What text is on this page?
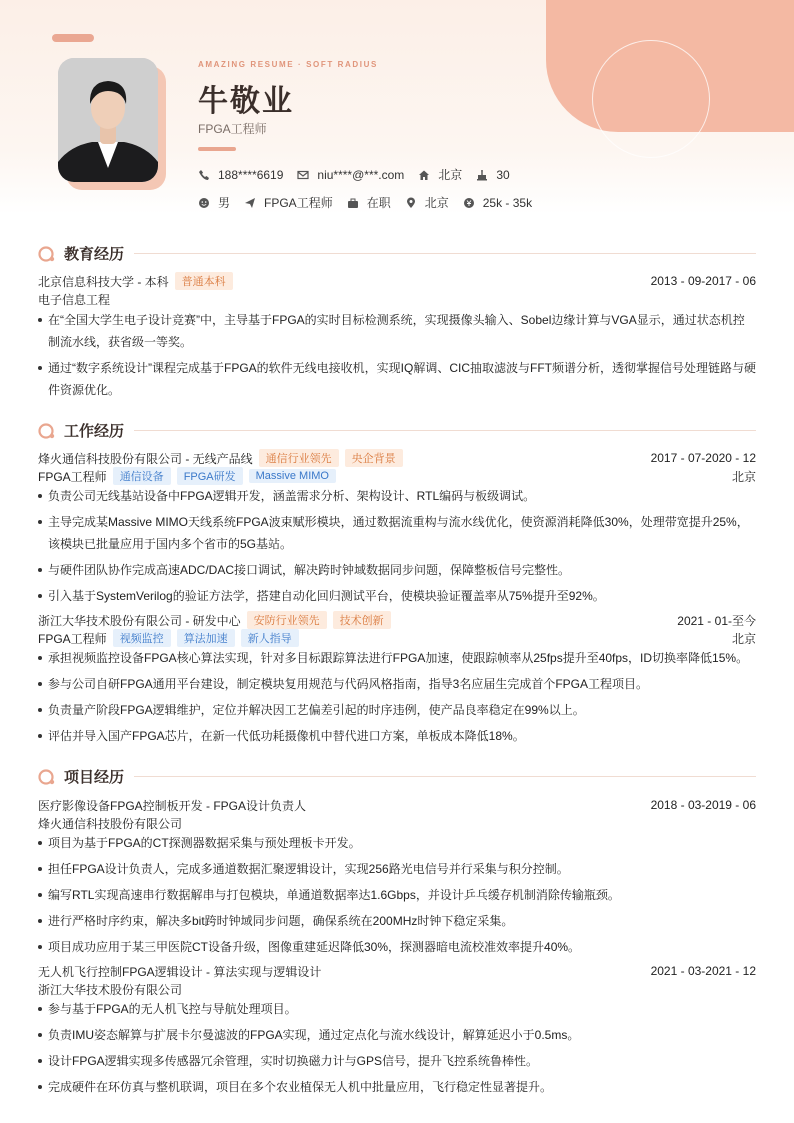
AMAZING RESUME · SOFT RADIUS
牛敬业
FPGA工程师
188****6619	niu****@***.com	北京	30
男	FPGA工程师	在职	北京	25k - 35k
教育经历
北京信息科技大学 - 本科	普通本科	2013 - 09-2017 - 06
电子信息工程
在“全国大学生电子设计竞赛”中，主导基于FPGA的实时目标检测系统，实现摄像头输入、Sobel边缘计算与VGA显示，通过状态机控制流水线，获省级一等奖。
通过“数字系统设计”课程完成基于FPGA的软件无线电接收机，实现IQ解调、CIC抽取滤波与FFT频谱分析，透彻掌握信号处理链路与硬件资源优化。
工作经历
烽火通信科技股份有限公司 - 无线产品线	通信行业领先	央企背景	2017 - 07-2020 - 12
FPGA工程师	通信设备	FPGA研发	Massive MIMO	北京
负责公司无线基站设备中FPGA逻辑开发，涵盖需求分析、架构设计、RTL编码与板级调试。
主导完成某Massive MIMO天线系统FPGA波束赋形模块，通过数据流重构与流水线优化，使资源消耗降低30%，处理带宽提升25%，该模块已批量应用于国内多个省市的5G基站。
与硬件团队协作完成高速ADC/DAC接口调试，解决跨时钟域数据同步问题，保障整板信号完整性。
引入基于SystemVerilog的验证方法学，搭建自动化回归测试平台，使模块验证覆盖率从75%提升至92%。
浙江大华技术股份有限公司 - 研发中心	安防行业领先	技术创新	2021 - 01-至今
FPGA工程师	视频监控	算法加速	新人指导	北京
承担视频监控设备FPGA核心算法实现，针对多目标跟踪算法进行FPGA加速，使跟踪帧率从25fps提升至40fps，ID切换率降低15%。
参与公司自研FPGA通用平台建设，制定模块复用规范与代码风格指南，指导3名应届生完成首个FPGA工程项目。
负责量产阶段FPGA逻辑维护，定位并解决因工艺偏差引起的时序违例，使产品良率稳定在99%以上。
评估并导入国产FPGA芯片，在新一代低功耗摄像机中替代进口方案，单板成本降低18%。
项目经历
医疗影像设备FPGA控制板开发 - FPGA设计负责人	2018 - 03-2019 - 06
烽火通信科技股份有限公司
项目为基于FPGA的CT探测器数据采集与预处理板卡开发。
担任FPGA设计负责人，完成多通道数据汇聚逻辑设计，实现256路光电信号并行采集与积分控制。
编写RTL实现高速串行数据解串与打包模块，单通道数据率达1.6Gbps，并设计乒乓缓存机制消除传输瓶颈。
进行严格时序约束，解决多bit跨时钟域同步问题，确保系统在200MHz时钟下稳定采集。
项目成功应用于某三甲医院CT设备升级，图像重建延迟降低30%，探测器暗电流校准效率提升40%。
无人机飞行控制FPGA逻辑设计 - 算法实现与逻辑设计	2021 - 03-2021 - 12
浙江大华技术股份有限公司
参与基于FPGA的无人机飞控与导航处理项目。
负责IMU姿态解算与扩展卡尔曼滤波的FPGA实现，通过定点化与流水线设计，解算延迟小于0.5ms。
设计FPGA逻辑实现多传感器冗余管理，实时切换磁力计与GPS信号，提升飞控系统鲁棒性。
完成硬件在环仿真与整机联调，项目在多个农业植保无人机中批量应用，飞行稳定性显著提升。
